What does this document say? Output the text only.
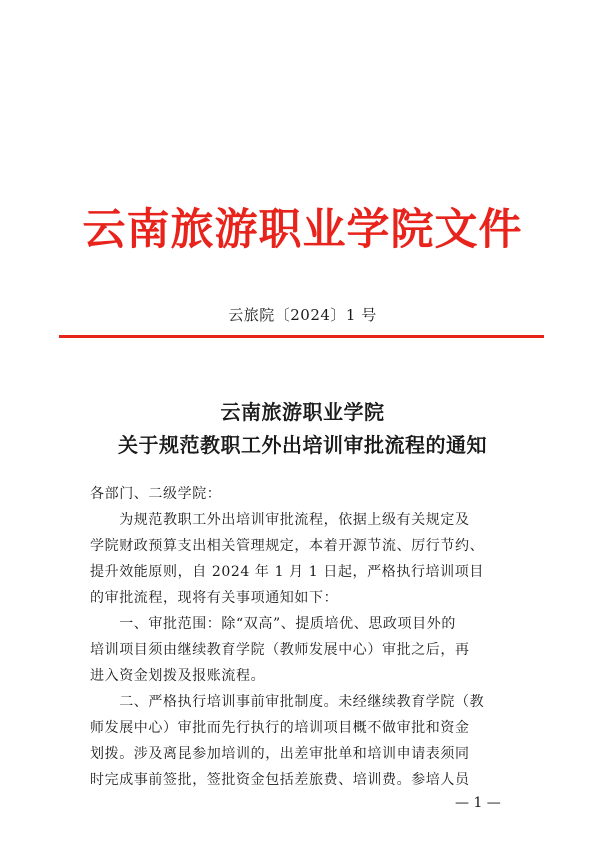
云南旅游职业学院文件
云旅院〔2024〕1 号
云南旅游职业学院
关于规范教职工外出培训审批流程的通知
各部门、二级学院：
　　为规范教职工外出培训审批流程，依据上级有关规定及
学院财政预算支出相关管理规定，本着开源节流、厉行节约、
提升效能原则，自 2024 年 1 月 1 日起，严格执行培训项目
的审批流程，现将有关事项通知如下：
　　一、审批范围：除“双高”、提质培优、思政项目外的
培训项目须由继续教育学院（教师发展中心）审批之后，再
进入资金划拨及报账流程。
　　二、严格执行培训事前审批制度。未经继续教育学院（教
师发展中心）审批而先行执行的培训项目概不做审批和资金
划拨。涉及离昆参加培训的，出差审批单和培训申请表须同
时完成事前签批，签批资金包括差旅费、培训费。参培人员
— 1 —
